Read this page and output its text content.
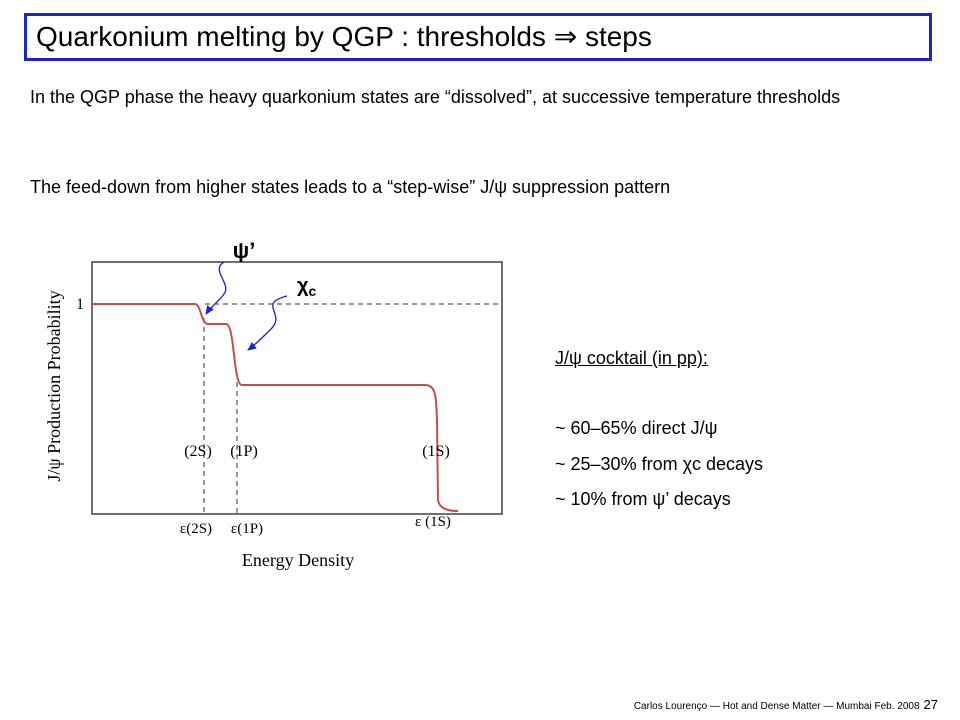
Quarkonium melting by QGP : thresholds ⇒ steps
In the QGP phase the heavy quarkonium states are “dissolved”, at successive temperature thresholds
The feed-down from higher states leads to a “step-wise” J/ψ suppression pattern
1
J/ψ Production Probability
Energy Density
(2S) (1P)	(1S)
ε(2S) ε(1P)	ε (1S)
ψ’
$\chi_c$
J/ψ cocktail (in pp):
~ 60–65% direct J/ψ
~ 25–30% from χc decays
~ 10% from ψ’ decays
Carlos Lourenço — Hot and Dense Matter — Mumbai Feb. 2008 27
